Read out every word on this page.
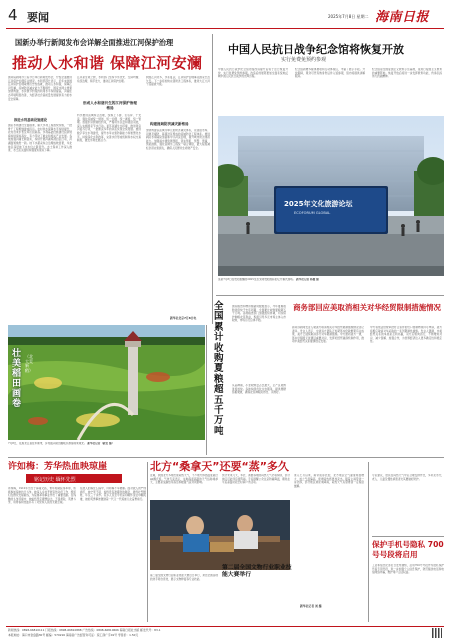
4 要闻	2025年7月8日 星期二 海南日报
国新办举行新闻发布会详解全面推进江河保护治理
推动人水和谐 保障江河安澜
国务院新闻办公室今日举行新闻发布会，介绍全面推进江河保护治理有关情况。水利部部长表示，近年来我国江河保护治理取得历史性成就，推动人水和谐，保障江河安澜，流域防洪减灾能力不断提升，国家水网主骨架加快构建，水资源节约集约利用水平持续提高，河湖生态环境明显改善，为经济社会高质量发展提供有力的水安全保障。
推进水利基础设施建设
国家水网建设全面提速，重大水利工程加快实施，一批骨干工程相继建成投运。农村供水保障水平持续提升，农村自来水普及率达到新高。水利基础设施建设投资规模持续保持高位，有力带动了就业和相关产业发展。各地加强河湖长制落实，持续开展河湖库清四乱行动，河湖面貌焕然一新。地下水超采综合治理成效显著，华北地区深层地下水水位止跌回升。水土保持工作深入推进，水土流失面积和强度实现双下降。
江河是生命之源，水利部门坚持节水优先、空间均衡、系统治理、两手发力，推动江河保护治理。
形成人水和谐共生的江河保护治理格局
科学推进流域综合治理，统筹上下游、左右岸、干支流，强化流域统一规划、统一治理、统一调度、统一管理。加强水资源刚性约束，严格用水总量和强度双控，深入实施国家节水行动。复苏河湖生态环境，推进母亲河复苏行动，一批断流多年的河流实现全线贯通。推进数字孪生水利建设，提升水旱灾害防御能力和智慧化水平。持续深化水利改革，完善水价形成机制和水权交易制度，激发水利发展活力。
我国江河众多，水系复杂，江河保护治理事关国家长治久安。下一步将加快完善防洪工程体系，推进大江大河干流提质升级。
构建流域防洪减灾新格局
加快构建以流域为单元的防洪减灾体系，完善由水库、河道及堤防、蓄滞洪区组成的流域防洪工程体系。推进病险水库除险加固和中小河流治理，提升城市防洪排涝能力。加强雨水情监测预报，落实预报、预警、预演、预案措施，强化流域水工程统一联合调度，最大程度减轻洪涝灾害损失，确保人民群众生命财产安全。
新华社北京7月8日电
中国人民抗日战争纪念馆将恢复开放
实行免费免预约参观
中国人民抗日战争纪念馆闭馆改造提升后将于近日恢复开放，实行免费免预约参观。改造后的展陈更加全面系统地反映中国人民抗日战争的光辉历程。
纪念馆新增多媒体展项和互动体验区，丰富了展示手段。开放期间，观众可凭有效身份证件入馆参观，馆内将提供讲解服务。
纪念馆是全国爱国主义教育示范基地，是进行爱国主义教育的重要阵地。恢复开放后将进一步发挥教育功能，传承弘扬伟大抗战精神。
2025年文化旅游论坛
ECOFORUM GLOBAL
这是7月8日在贵阳拍摄的2025生态文明贵阳国际论坛开幕式现场。 新华社记者 杨楹 摄
壮美稻田画卷
（北大荒 新稻）
7月8日，在黑龙江省佳木斯市，乡村振兴稻田画吸引游客前来观光。 新华社记者（新发 摄）
全国累计收购夏粮超五千万吨
国家粮食和物资储备局数据显示，今年夏粮收购进度快于去年同期，全国累计收购夏粮超五千万吨。各地粮食部门加强组织协调，切实保护种粮农民利益，积极引导多元市场主体入市收购，市场运行总体平稳。
从品种看，小麦收购量占比最大，主产区收购进度加快。各地持续优化为农服务，提供便捷售粮渠道，确保农民种粮卖得出、卖得好。
商务部回应美取消相关对华经贸限制措施情况
商务部新闻发言人就美方取消相关对华经贸限制措施情况答记者问。发言人表示，中美双方团队正加紧落实伦敦框架有关成果，美方已陆续取消部分对华限制措施。中方愿同美方一道，落实好两国元首通话重要共识，发挥好经贸磋商机制作用，推动中美经贸关系健康稳定发展。
中方将依法依规审批符合条件的出口管制物项许可申请，美方将相应取消对华采取的一系列限制性措施。发言人强调，中美经贸关系的本质是互利共赢，双方应相向而行，不断增进共识、减少误解、加强合作，为世界经济注入更多确定性和稳定性。
北方“桑拿天”还要“蒸”多久
近期，我国北方多地出现闷热天气，不少地方体感温度超过40摄氏度。气象专家表示，这种高温高湿的天气俗称桑拿天，主要是受副热带高压和暖湿气流共同影响。
预计未来几天，华北、黄淮等地的闷热天气仍将持续，部分地区可能伴有雷阵雨。专家提醒公众注意防暑降温，避免在午后高温时段长时间户外活动。
进入七月以来，雨带逐步北抬，北方地区空气湿度明显增大，加之气温偏高，使得闷热感更加突出。随着主雨带进一步北移，部分地区或迎来降雨，闷热天气有望得到一定程度缓解。
第二届全国文物行业职业技能大赛举行
第二届全国文物行业职业技能大赛近日举行，来自全国各地的选手同台竞技，展示文物修复等专业技能。
新华社记者 刘 摄
专家建议，居民在闷热天气中应合理安排作息，多补充水分，老人、儿童及慢性病患者尤其要做好防护。
保护手机号隐私 700号号段将启用
工业和信息化部近日发布通知，启用700号号段作为隐私保护号码专用号段，进一步加强个人信息保护，防范骚扰电话和电信网络诈骗，维护用户合法权益。
许如梅：芳华热血映琼崖
铭记历史 缅怀先烈
许如梅，1910年出生于海南文昌，青年时期投身革命，积极参加琼崖抗日斗争。她深入乡村开展宣传动员工作，组织妇女群众支援前线，为琼崖革命事业作出了重要贡献。在残酷的斗争环境中，她始终坚定理想信念，不畏艰险，英勇斗争，用青春和热血书写了对党和人民的无限忠诚。
在敌人的疯狂扫荡中，许如梅不幸被捕。面对敌人的严刑拷打，她宁死不屈，始终没有泄露党的秘密，最终壮烈牺牲，年仅三十余岁。家乡人民至今仍深切缅怀这位巾帼英雄，她的英勇事迹激励着一代又一代琼崖儿女奋勇前行。
新闻热线：0898-66810111 订报热线：0898-66810888 广告热线：0898-66810666 海南日报社出版 邮发代号：83-1
本报地址：海口市金盘路30号 邮编：570216 海南省广告经营许可证：琼工商广字01号 零售价：1.50元
